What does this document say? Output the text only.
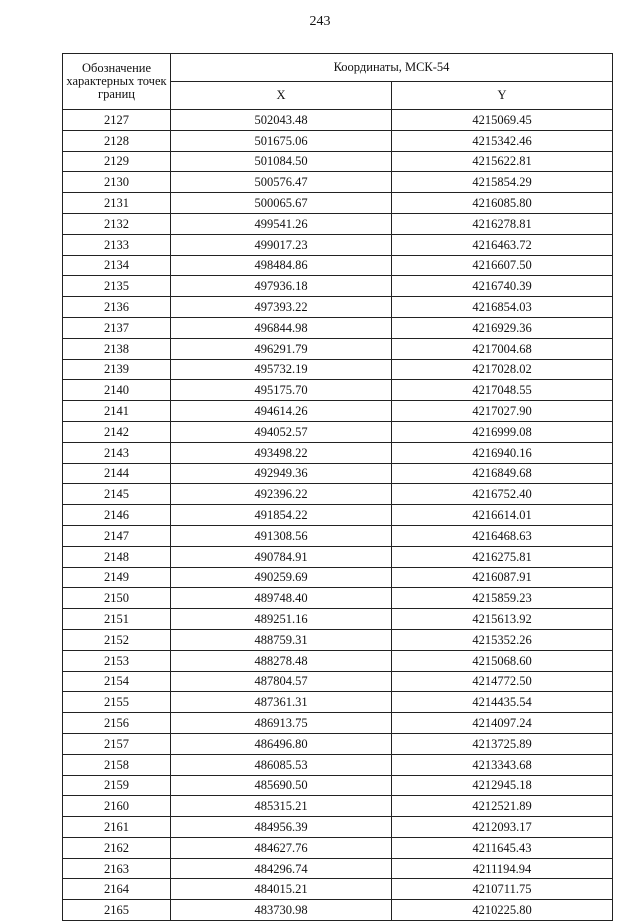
243
Обозначение характерных точек границ	Координаты, МСК-54	
	X	Y
2127	502043.48	4215069.45
2128	501675.06	4215342.46
2129	501084.50	4215622.81
2130	500576.47	4215854.29
2131	500065.67	4216085.80
2132	499541.26	4216278.81
2133	499017.23	4216463.72
2134	498484.86	4216607.50
2135	497936.18	4216740.39
2136	497393.22	4216854.03
2137	496844.98	4216929.36
2138	496291.79	4217004.68
2139	495732.19	4217028.02
2140	495175.70	4217048.55
2141	494614.26	4217027.90
2142	494052.57	4216999.08
2143	493498.22	4216940.16
2144	492949.36	4216849.68
2145	492396.22	4216752.40
2146	491854.22	4216614.01
2147	491308.56	4216468.63
2148	490784.91	4216275.81
2149	490259.69	4216087.91
2150	489748.40	4215859.23
2151	489251.16	4215613.92
2152	488759.31	4215352.26
2153	488278.48	4215068.60
2154	487804.57	4214772.50
2155	487361.31	4214435.54
2156	486913.75	4214097.24
2157	486496.80	4213725.89
2158	486085.53	4213343.68
2159	485690.50	4212945.18
2160	485315.21	4212521.89
2161	484956.39	4212093.17
2162	484627.76	4211645.43
2163	484296.74	4211194.94
2164	484015.21	4210711.75
2165	483730.98	4210225.80
